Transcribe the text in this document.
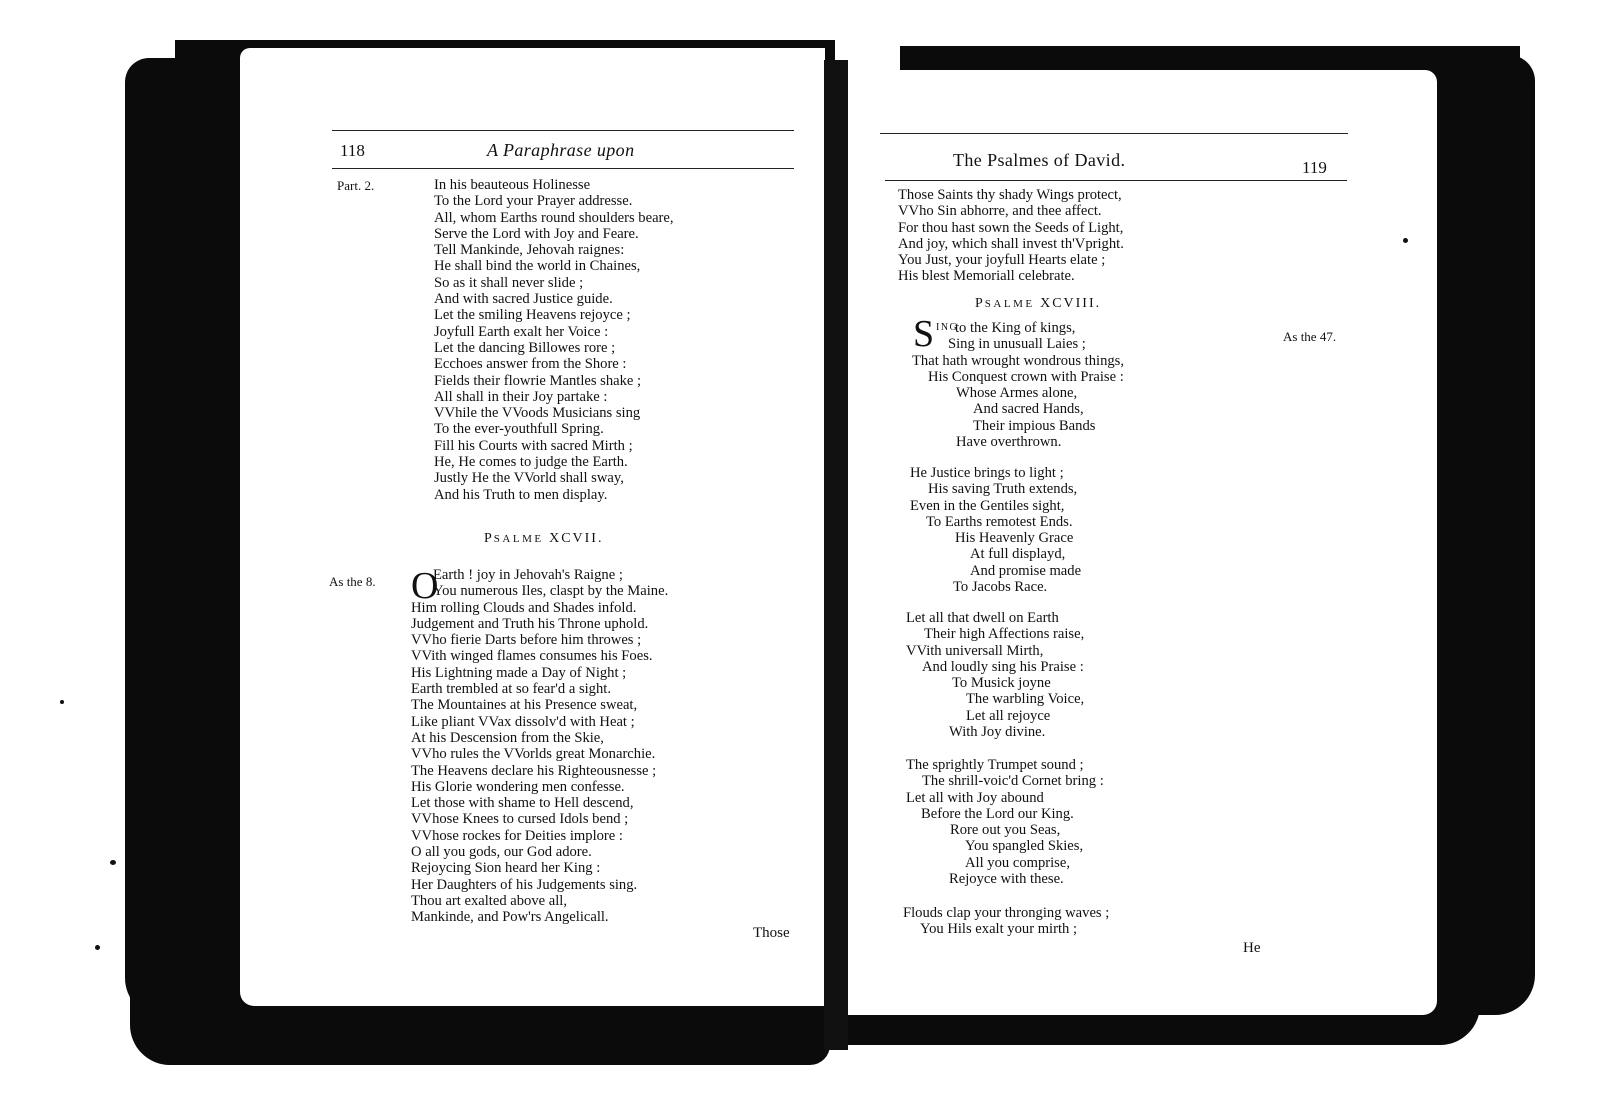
118	A Paraphrase upon
Part. 2.	In his beauteous Holinesse
To the Lord your Prayer addresse.
All, whom Earths round shoulders beare,
Serve the Lord with Joy and Feare.
Tell Mankinde, Jehovah raignes:
He shall bind the world in Chaines,
So as it shall never slide ;
And with sacred Justice guide.
Let the smiling Heavens rejoyce ;
Joyfull Earth exalt her Voice :
Let the dancing Billowes rore ;
Ecchoes answer from the Shore :
Fields their flowrie Mantles shake ;
All shall in their Joy partake :
VVhile the VVoods Musicians sing
To the ever-youthfull Spring.
Fill his Courts with sacred Mirth ;
He, He comes to judge the Earth.
Justly He the VVorld shall sway,
And his Truth to men display.
PSALME XCVII.
As the 8. O
Earth ! joy in Jehovah's Raigne ;
You numerous Iles, claspt by the Maine.
Him rolling Clouds and Shades infold.
Judgement and Truth his Throne uphold.
VVho fierie Darts before him throwes ;
VVith winged flames consumes his Foes.
His Lightning made a Day of Night ;
Earth trembled at so fear'd a sight.
The Mountaines at his Presence sweat,
Like pliant VVax dissolv'd with Heat ;
At his Descension from the Skie,
VVho rules the VVorlds great Monarchie.
The Heavens declare his Righteousnesse ;
His Glorie wondering men confesse.
Let those with shame to Hell descend,
VVhose Knees to cursed Idols bend ;
VVhose rockes for Deities implore :
O all you gods, our God adore.
Rejoycing Sion heard her King :
Her Daughters of his Judgements sing.
Thou art exalted above all,
Mankinde, and Pow'rs Angelicall.
Those
The Psalmes of David.	119
Those Saints thy shady Wings protect,
VVho Sin abhorre, and thee affect.
For thou hast sown the Seeds of Light,
And joy, which shall invest th'Vpright.
You Just, your joyfull Hearts elate ;
His blest Memoriall celebrate.
PSALME XCVIII.
As the 47.
S ING
to the King of kings,
Sing in unusuall Laies ;
That hath wrought wondrous things,
His Conquest crown with Praise :
Whose Armes alone,
And sacred Hands,
Their impious Bands
Have overthrown.
He Justice brings to light ;
His saving Truth extends,
Even in the Gentiles sight,
To Earths remotest Ends.
His Heavenly Grace
At full displayd,
And promise made
To Jacobs Race.
Let all that dwell on Earth
Their high Affections raise,
VVith universall Mirth,
And loudly sing his Praise :
To Musick joyne
The warbling Voice,
Let all rejoyce
With Joy divine.
The sprightly Trumpet sound ;
The shrill-voic'd Cornet bring :
Let all with Joy abound
Before the Lord our King.
Rore out you Seas,
You spangled Skies,
All you comprise,
Rejoyce with these.
Flouds clap your thronging waves ;
You Hils exalt your mirth ;
He
